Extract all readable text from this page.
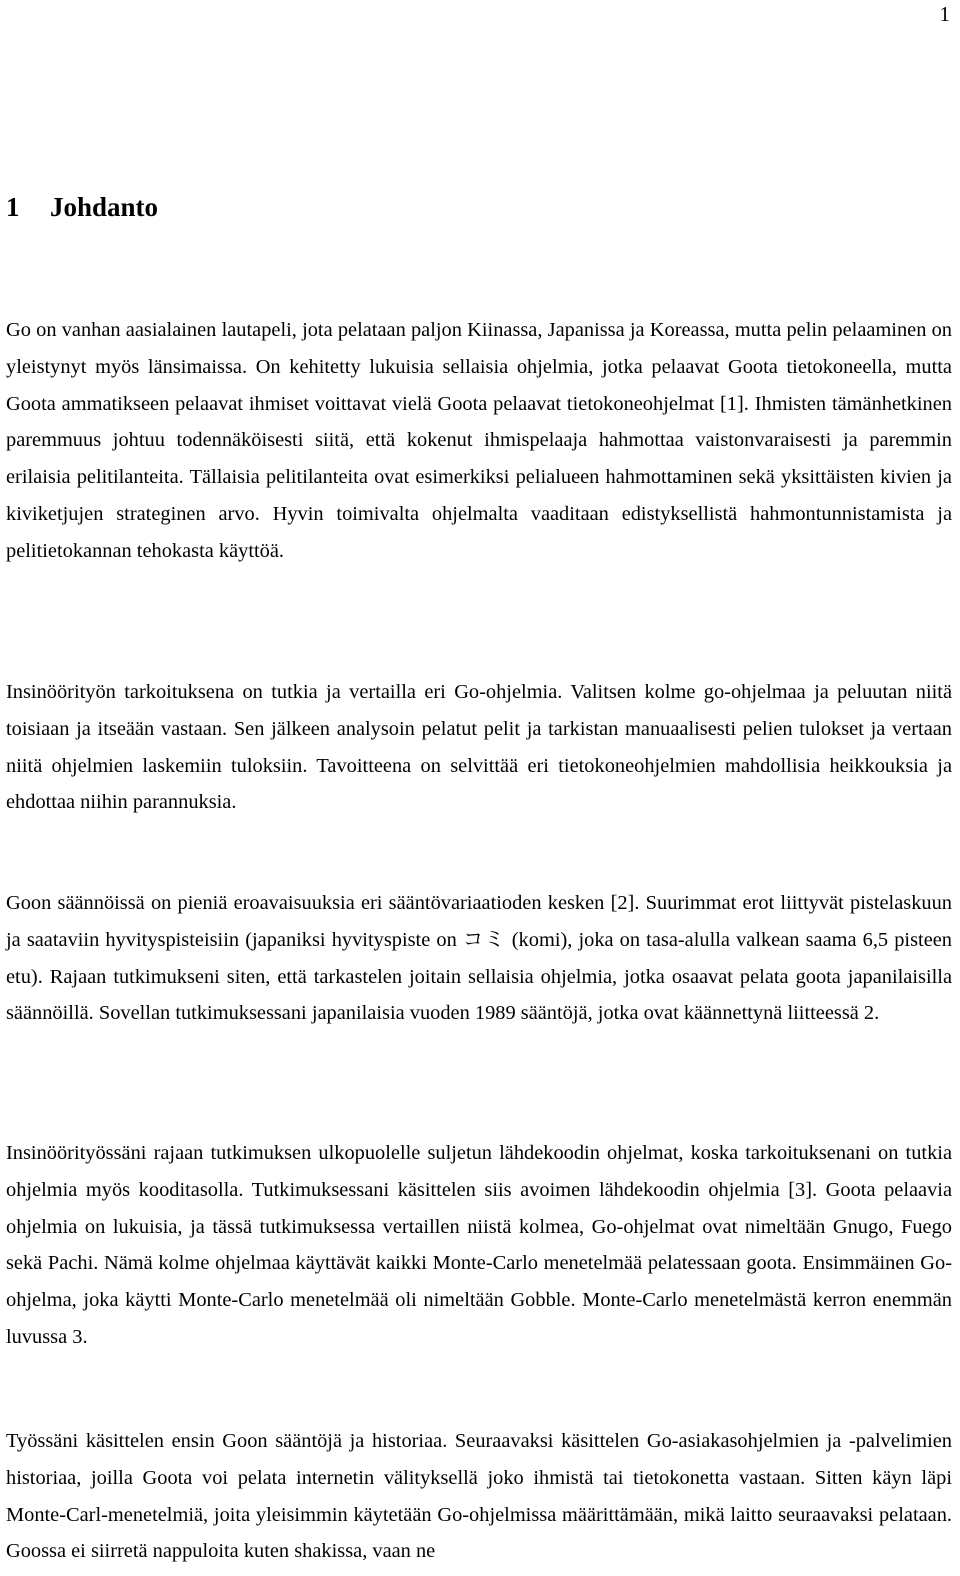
1
1 Johdanto

Go on vanhan aasialainen lautapeli, jota pelataan paljon Kiinassa, Japanissa ja Koreassa, mutta pelin pelaaminen on yleistynyt myös länsimaissa. On kehitetty lukuisia sellaisia ohjelmia, jotka pelaavat Goota tietokoneella, mutta Goota ammatikseen pelaavat ihmiset voittavat vielä Goota pelaavat tietokoneohjelmat [1]. Ihmisten tämänhetkinen paremmuus johtuu todennäköisesti siitä, että kokenut ihmispelaaja hahmottaa vaistonvaraisesti ja paremmin erilaisia pelitilanteita. Tällaisia pelitilanteita ovat esimerkiksi pelialueen hahmottaminen sekä yksittäisten kivien ja kiviketjujen strateginen arvo. Hyvin toimivalta ohjelmalta vaaditaan edistyksellistä hahmontunnistamista ja pelitietokannan tehokasta käyttöä.

Insinöörityön tarkoituksena on tutkia ja vertailla eri Go-ohjelmia. Valitsen kolme go-ohjelmaa ja peluutan niitä toisiaan ja itseään vastaan. Sen jälkeen analysoin pelatut pelit ja tarkistan manuaalisesti pelien tulokset ja vertaan niitä ohjelmien laskemiin tuloksiin. Tavoitteena on selvittää eri tietokoneohjelmien mahdollisia heikkouksia ja ehdottaa niihin parannuksia.

Goon säännöissä on pieniä eroavaisuuksia eri sääntövariaatioden kesken [2]. Suurimmat erot liittyvät pistelaskuun ja saataviin hyvityspisteisiin (japaniksi hyvityspiste on コミ (komi), joka on tasa-alulla valkean saama 6,5 pisteen etu). Rajaan tutkimukseni siten, että tarkastelen joitain sellaisia ohjelmia, jotka osaavat pelata goota japanilaisilla säännöillä. Sovellan tutkimuksessani japanilaisia vuoden 1989 sääntöjä, jotka ovat käännettynä liitteessä 2.

Insinöörityössäni rajaan tutkimuksen ulkopuolelle suljetun lähdekoodin ohjelmat, koska tarkoituksenani on tutkia ohjelmia myös kooditasolla. Tutkimuksessani käsittelen siis avoimen lähdekoodin ohjelmia [3]. Goota pelaavia ohjelmia on lukuisia, ja tässä tutkimuksessa vertaillen niistä kolmea, Go-ohjelmat ovat nimeltään Gnugo, Fuego sekä Pachi. Nämä kolme ohjelmaa käyttävät kaikki Monte-Carlo menetelmää pelatessaan goota. Ensimmäinen Go-ohjelma, joka käytti Monte-Carlo menetelmää oli nimeltään Gobble. Monte-Carlo menetelmästä kerron enemmän luvussa 3.

Työssäni käsittelen ensin Goon sääntöjä ja historiaa. Seuraavaksi käsittelen Go-asiakasohjelmien ja -palvelimien historiaa, joilla Goota voi pelata internetin välityksellä joko ihmistä tai tietokonetta vastaan. Sitten käyn läpi Monte-Carl-menetelmiä, joita yleisimmin käytetään Go-ohjelmissa määrittämään, mikä laitto seuraavaksi pelataan. Goossa ei siirretä nappuloita kuten shakissa, vaan ne
